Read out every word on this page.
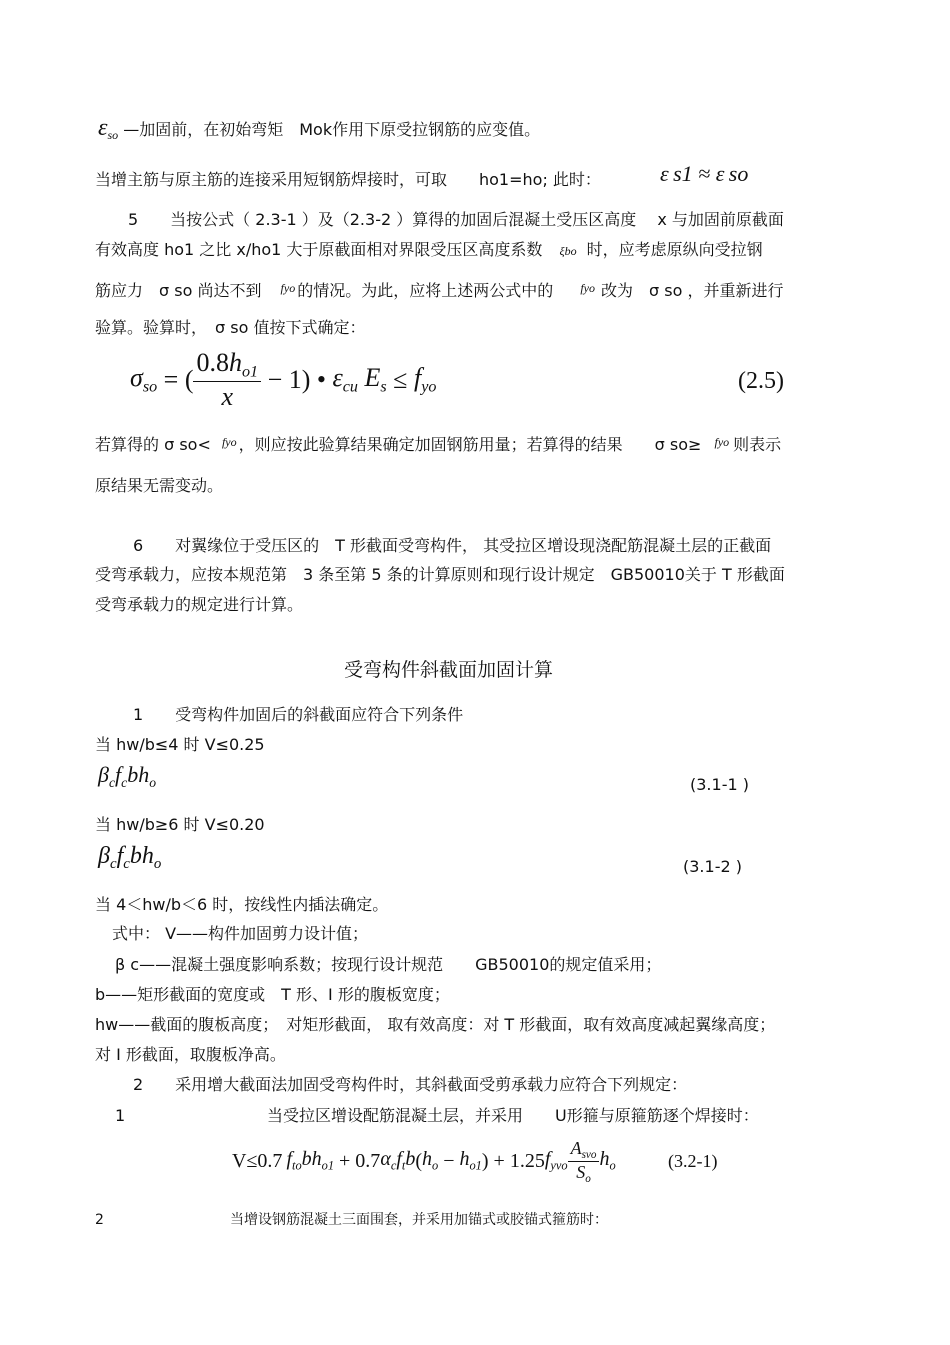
$\varepsilon_{so}$ —加固前，在初始弯矩　Mok作用下原受拉钢筋的应变值。
当增主筋与原主筋的连接采用短钢筋焊接时，可取　　ho1=ho; 此时：	ε s1 ≈ ε so
5　　当按公式（ 2.3-1 ）及（2.3-2 ）算得的加固后混凝土受压区高度　 x 与加固前原截面
有效高度 ho1 之比 x/ho1 大于原截面相对界限受压区高度系数 ξbo 时，应考虑原纵向受拉钢
筋应力　σ so 尚达不到 $^{fyo}$ 的情况。为此，应将上述两公式中的 $^{fyo}$ 改为　σ so ，并重新进行
验算。验算时，　σ so 值按下式确定：
$\sigma_{so}$ = ( $\frac{0.8h_{o1}}{x} - 1$) • $\varepsilon_{cu}$ $E_s \le f_{yo}$	(2.5)
若算得的 σ so< $^{fyo}$ ，则应按此验算结果确定加固钢筋用量；若算得的结果　　σ so≥ $^{fyo}$ 则表示
原结果无需变动。
6　　对翼缘位于受压区的　T 形截面受弯构件， 其受拉区增设现浇配筋混凝土层的正截面
受弯承载力，应按本规范第　3 条至第 5 条的计算原则和现行设计规定　GB50010关于 T 形截面
受弯承载力的规定进行计算。
受弯构件斜截面加固计算
1　　受弯构件加固后的斜截面应符合下列条件
当 hw/b≤4 时 V≤0.25
$\beta_cf_cbh_o$	(3.1-1 )
当 hw/b≥6 时 V≤0.20
$\beta_cf_cbh_o$	(3.1-2 )
当 4＜hw/b＜6 时，按线性内插法确定。
式中： V——构件加固剪力设计值；
β c——混凝土强度影响系数；按现行设计规范　　GB50010的规定值采用；
b——矩形截面的宽度或　T 形、I 形的腹板宽度；
hw——截面的腹板高度；　对矩形截面， 取有效高度：对 T 形截面，取有效高度减起翼缘高度；
对 I 形截面，取腹板净高。
2　　采用增大截面法加固受弯构件时，其斜截面受剪承载力应符合下列规定：
1	当受拉区增设配筋混凝土层，并采用　　U形箍与原箍筋逐个焊接时：
V≤0.7  $f_{to}bh_{o1} + 0.7$ $\alpha_cf_tb$ ( $h_o - h_{o1}$ ) + 1.25 $f_{yvo} \frac{A_{svo}}{S_o} h_o$	(3.2-1)
2	当增设钢筋混凝土三面围套，并采用加锚式或胶锚式箍筋时：
